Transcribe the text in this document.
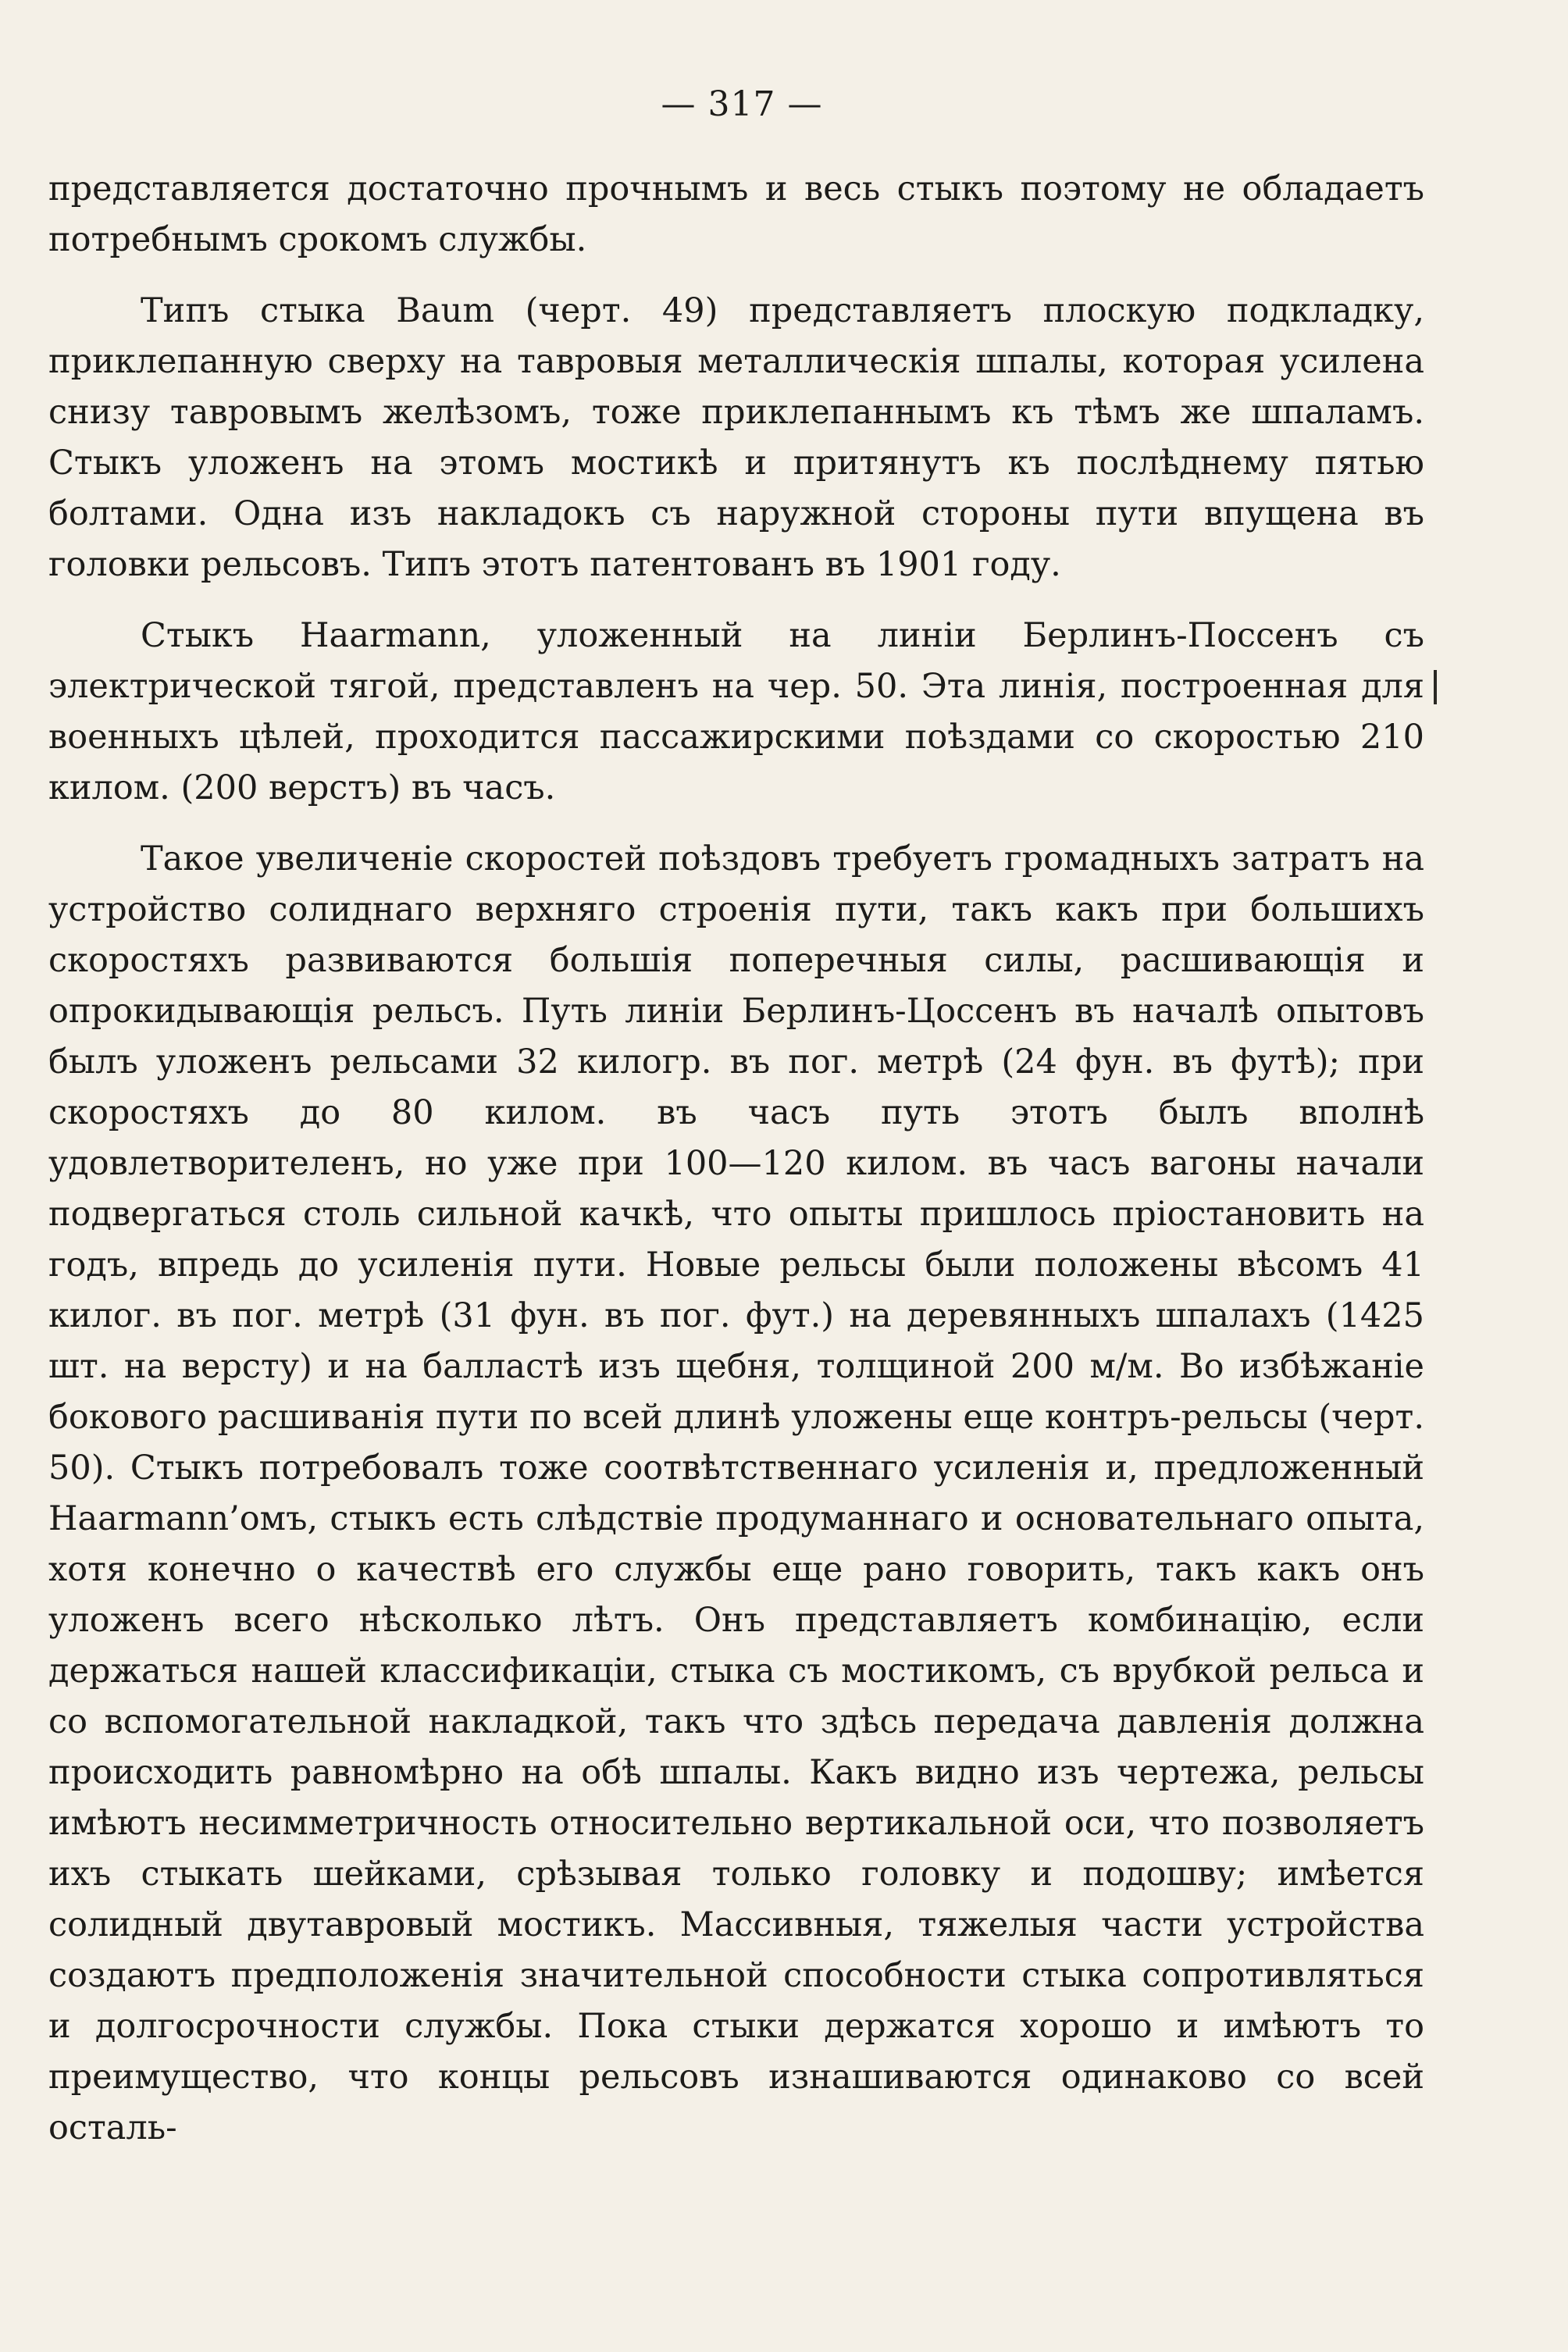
— 317 —

представляется достаточно прочнымъ и весь стыкъ поэтому не обладаетъ потребнымъ срокомъ службы.

Типъ стыка Baum (черт. 49) представляетъ плоскую подкладку, приклепанную сверху на тавровыя металлическія шпалы, которая усилена снизу тавровымъ желѣзомъ, тоже приклепаннымъ къ тѣмъ же шпаламъ. Стыкъ уложенъ на этомъ мостикѣ и притянутъ къ послѣднему пятью болтами. Одна изъ накладокъ съ наружной стороны пути впущена въ головки рельсовъ. Типъ этотъ патентованъ въ 1901 году.

Стыкъ Haarmann, уложенный на линіи Берлинъ-Поссенъ съ электрической тягой, представленъ на чер. 50. Эта линія, построенная для военныхъ цѣлей, проходится пассажирскими поѣздами со скоростью 210 килом. (200 верстъ) въ часъ.

Такое увеличеніе скоростей поѣздовъ требуетъ громадныхъ затратъ на устройство солиднаго верхняго строенія пути, такъ какъ при большихъ скоростяхъ развиваются большія поперечныя силы, расшивающія и опрокидывающія рельсъ. Путь линіи Берлинъ-Цоссенъ въ началѣ опытовъ былъ уложенъ рельсами 32 килогр. въ пог. метрѣ (24 фун. въ футѣ); при скоростяхъ до 80 килом. въ часъ путь этотъ былъ вполнѣ удовлетворителенъ, но уже при 100—120 килом. въ часъ вагоны начали подвергаться столь сильной качкѣ, что опыты пришлось пріостановить на годъ, впредь до усиленія пути. Новые рельсы были положены вѣсомъ 41 килог. въ пог. метрѣ (31 фун. въ пог. фут.) на деревянныхъ шпалахъ (1425 шт. на версту) и на балластѣ изъ щебня, толщиной 200 м/м. Во избѣжаніе бокового расшиванія пути по всей длинѣ уложены еще контръ-рельсы (черт. 50). Стыкъ потребовалъ тоже соотвѣтственнаго усиленія и, предложенный Haarmann’омъ, стыкъ есть слѣдствіе продуманнаго и основательнаго опыта, хотя конечно о качествѣ его службы еще рано говорить, такъ какъ онъ уложенъ всего нѣсколько лѣтъ. Онъ представляетъ комбинацію, если держаться нашей классификаціи, стыка съ мостикомъ, съ врубкой рельса и со вспомогательной накладкой, такъ что здѣсь передача давленія должна происходить равномѣрно на обѣ шпалы. Какъ видно изъ чертежа, рельсы имѣютъ несимметричность относительно вертикальной оси, что позволяетъ ихъ стыкать шейками, срѣзывая только головку и подошву; имѣется солидный двутавровый мостикъ. Массивныя, тяжелыя части устройства создаютъ предположенія значительной способности стыка сопротивляться и долгосрочности службы. Пока стыки держатся хорошо и имѣютъ то преимущество, что концы рельсовъ изнашиваются одинаково со всей осталь-
